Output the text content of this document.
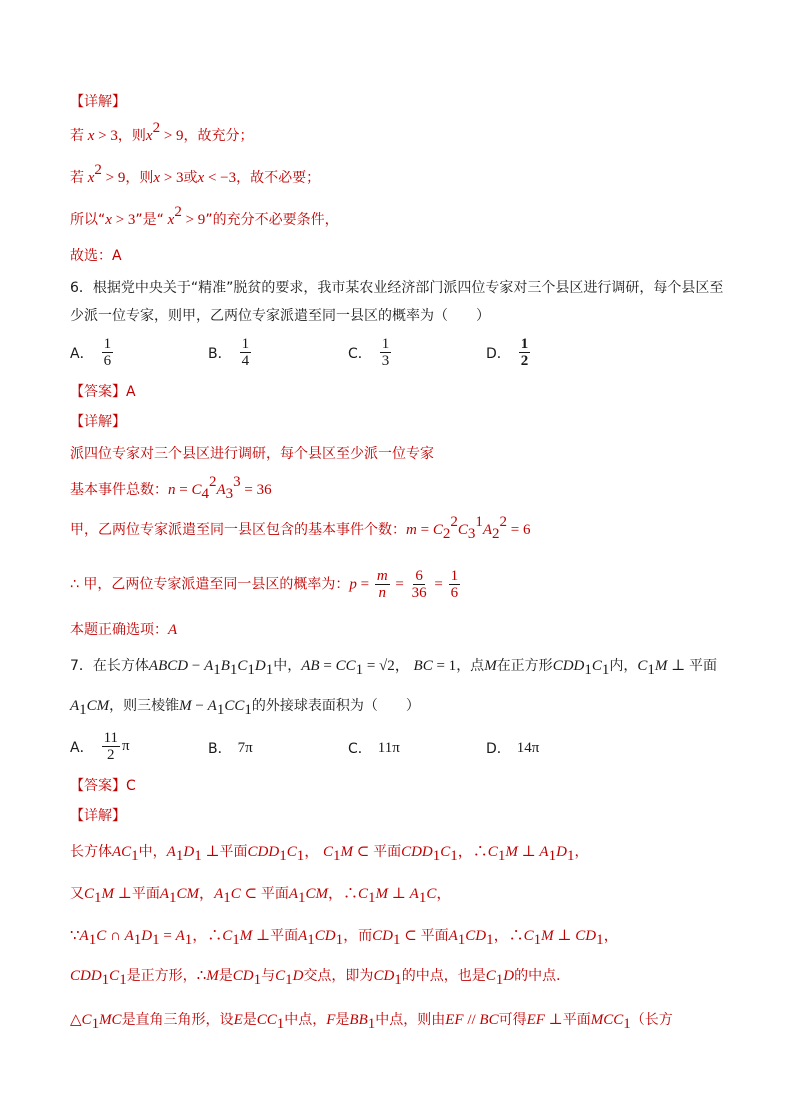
【详解】
若 x > 3，则$x^2 > 9$，故充分；
若 $x^2 > 9$，则x > 3或x < −3，故不必要；
所以“x > 3”是“ $x^2 > 9$”的充分不必要条件，
故选：A
6．根据党中央关于“精准”脱贫的要求，我市某农业经济部门派四位专家对三个县区进行调研，每个县区至
少派一位专家，则甲，乙两位专家派遣至同一县区的概率为（　　）
A． $\frac{1}{6}$	B． $\frac{1}{4}$	C． $\frac{1}{3}$	D． $\frac{1}{2}$
【答案】A
【详解】
派四位专家对三个县区进行调研，每个县区至少派一位专家
基本事件总数：$n = C_4^2A_3^3 = 36$
甲，乙两位专家派遣至同一县区包含的基本事件个数：$m = C_2^2C_3^1A_2^2 = 6$
∴ 甲，乙两位专家派遣至同一县区的概率为：$p = \frac{m}{n} = \frac{6}{36} = \frac{1}{6}$
本题正确选项：A
7．在长方体ABCD − $A_1B_1C_1D_1$中，AB = $CC_1 = √2$， BC = 1，点M在正方形$CDD_1C_1$内，$C_1M$ ⊥ 平面
$A_1CM$，则三棱锥$M - A_1CC_1$的外接球表面积为（　　）
A． $\frac{11}{2}$ π	B． 7π	C． 11π	D． 14π
【答案】C
【详解】
长方体$AC_1$中，$A_1D_1$ ⊥平面$CDD_1C_1$， $C_1M$ ⊂ 平面$CDD_1C_1$，$\therefore C_1M$ ⊥ $A_1D_1$，
又$C_1M$ ⊥平面$A_1CM$，$A_1C$ ⊂ 平面$A_1CM$，$\therefore C_1M$ ⊥ $A_1C$，
$\because A_1C$ ∩ $A_1D_1 = A_1$，$\therefore C_1M$ ⊥平面$A_1CD_1$，而$CD_1$ ⊂ 平面$A_1CD_1$，$\therefore C_1M$ ⊥ $CD_1$，
$CDD_1C_1$是正方形，∴M是$CD_1$与$C_1D$交点，即为$CD_1$的中点，也是$C_1D$的中点．
$\triangle C_1MC$是直角三角形，设E是$CC_1$中点，F是$BB_1$中点，则由EF // BC可得EF ⊥平面$MCC_1$（长方
